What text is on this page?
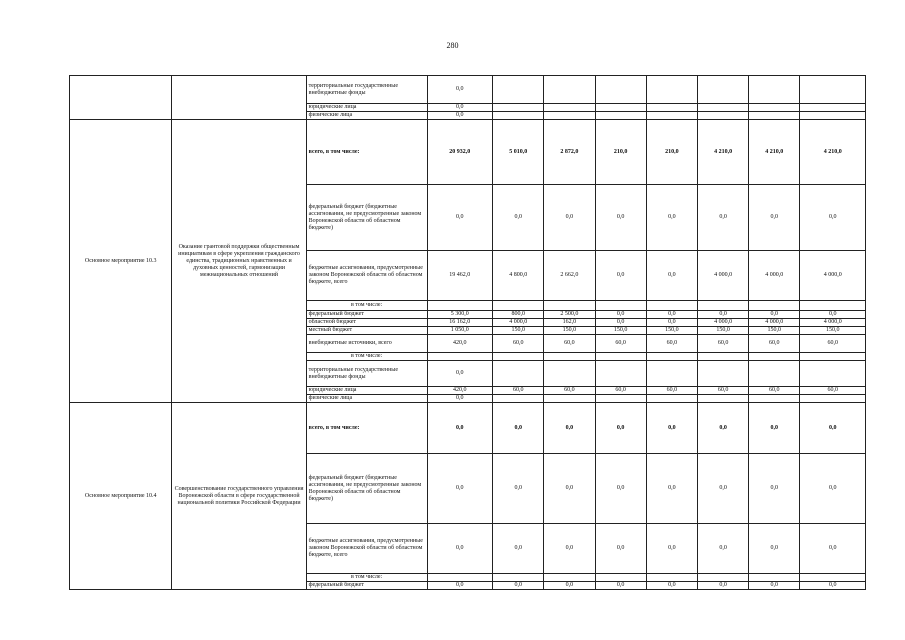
280
		территориальные государственные внебюджетные фонды	0,0							
		юридические лица	0,0							
		физические лица	0,0							
Основное мероприятие 10.3	Оказание грантовой поддержки общественным инициативам в сфере укрепления гражданского единства, традиционных нравственных и духовных ценностей, гармонизации межнациональных отношений	всего, в том числе:	20 932,0	5 010,0	2 872,0	210,0	210,0	4 210,0	4 210,0	4 210,0
		федеральный бюджет (бюджетные ассигнования, не предусмотренные законом Воронежской области об областном бюджете)	0,0	0,0	0,0	0,0	0,0	0,0	0,0	0,0
		бюджетные ассигнования, предусмотренные законом Воронежской области об областном бюджете, всего	19 462,0	4 800,0	2 662,0	0,0	0,0	4 000,0	4 000,0	4 000,0
		в том числе:								
		федеральный бюджет	5 300,0	800,0	2 500,0	0,0	0,0	0,0	0,0	0,0
		областной бюджет	16 162,0	4 000,0	162,0	0,0	0,0	4 000,0	4 000,0	4 000,0
		местный бюджет	1 050,0	150,0	150,0	150,0	150,0	150,0	150,0	150,0
		внебюджетные источники, всего	420,0	60,0	60,0	60,0	60,0	60,0	60,0	60,0
		в том числе:								
		территориальные государственные внебюджетные фонды	0,0							
		юридические лица	420,0	60,0	60,0	60,0	60,0	60,0	60,0	60,0
		физические лица	0,0							
Основное мероприятие 10.4	Совершенствование государственного управления Воронежской области в сфере государственной национальной политики Российской Федерации	всего, в том числе:	0,0	0,0	0,0	0,0	0,0	0,0	0,0	0,0
		федеральный бюджет (бюджетные ассигнования, не предусмотренные законом Воронежской области об областном бюджете)	0,0	0,0	0,0	0,0	0,0	0,0	0,0	0,0
		бюджетные ассигнования, предусмотренные законом Воронежской области об областном бюджете, всего	0,0	0,0	0,0	0,0	0,0	0,0	0,0	0,0
		в том числе:								
		федеральный бюджет	0,0	0,0	0,0	0,0	0,0	0,0	0,0	0,0
